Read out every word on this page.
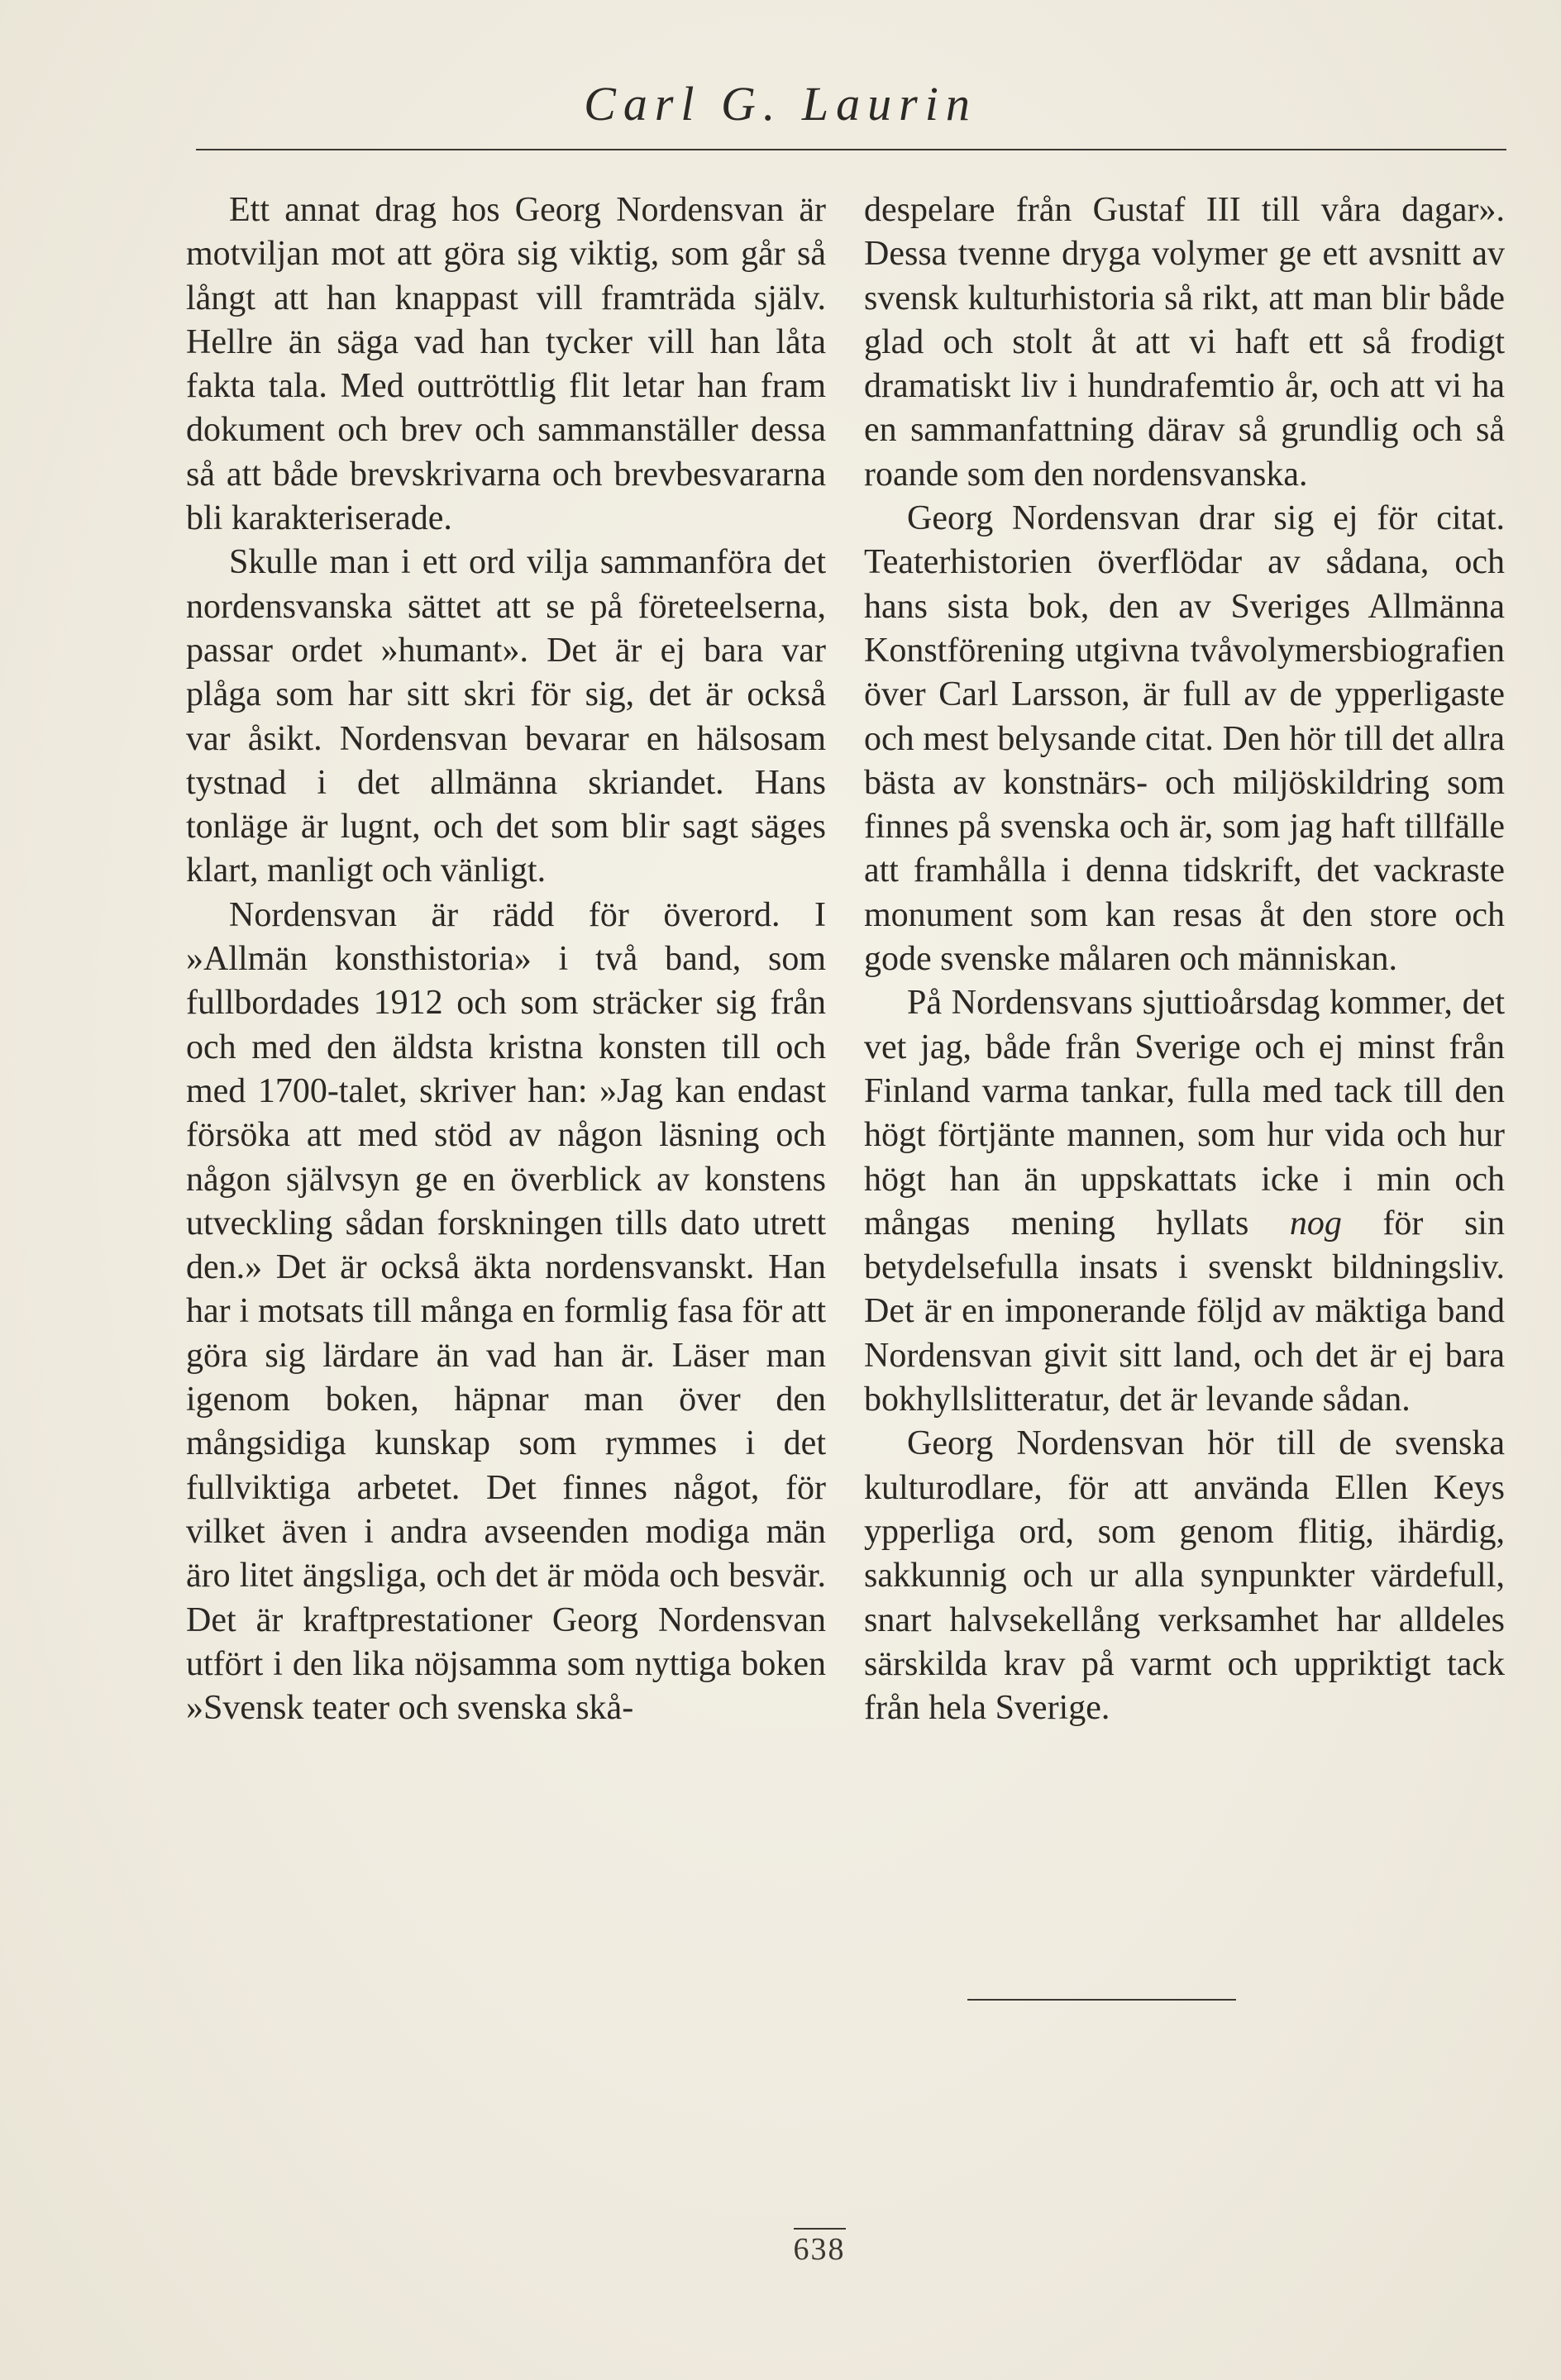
Carl G. Laurin

Ett annat drag hos Georg Nordensvan är motviljan mot att göra sig viktig, som går så långt att han knappast vill framträda själv. Hellre än säga vad han tycker vill han låta fakta tala. Med outtröttlig flit letar han fram dokument och brev och sammanställer dessa så att både brevskrivarna och brevbesvararna bli karakteriserade.

Skulle man i ett ord vilja sammanföra det nordensvanska sättet att se på företeelserna, passar ordet »humant». Det är ej bara var plåga som har sitt skri för sig, det är också var åsikt. Nordensvan bevarar en hälsosam tystnad i det allmänna skriandet. Hans tonläge är lugnt, och det som blir sagt säges klart, manligt och vänligt.

Nordensvan är rädd för överord. I »Allmän konsthistoria» i två band, som fullbordades 1912 och som sträcker sig från och med den äldsta kristna konsten till och med 1700-talet, skriver han: »Jag kan endast försöka att med stöd av någon läsning och någon självsyn ge en överblick av konstens utveckling sådan forskningen tills dato utrett den.» Det är också äkta nordensvanskt. Han har i motsats till många en formlig fasa för att göra sig lärdare än vad han är. Läser man igenom boken, häpnar man över den mångsidiga kunskap som rymmes i det fullviktiga arbetet. Det finnes något, för vilket även i andra avseenden modiga män äro litet ängsliga, och det är möda och besvär. Det är kraftprestationer Georg Nordensvan utfört i den lika nöjsamma som nyttiga boken »Svensk teater och svenska skå-

despelare från Gustaf III till våra dagar». Dessa tvenne dryga volymer ge ett avsnitt av svensk kulturhistoria så rikt, att man blir både glad och stolt åt att vi haft ett så frodigt dramatiskt liv i hundrafemtio år, och att vi ha en sammanfattning därav så grundlig och så roande som den nordensvanska.

Georg Nordensvan drar sig ej för citat. Teaterhistorien överflödar av sådana, och hans sista bok, den av Sveriges Allmänna Konstförening utgivna tvåvolymersbiografien över Carl Larsson, är full av de ypperligaste och mest belysande citat. Den hör till det allra bästa av konstnärs- och miljöskildring som finnes på svenska och är, som jag haft tillfälle att framhålla i denna tidskrift, det vackraste monument som kan resas åt den store och gode svenske målaren och människan.

På Nordensvans sjuttioårsdag kommer, det vet jag, både från Sverige och ej minst från Finland varma tankar, fulla med tack till den högt förtjänte mannen, som hur vida och hur högt han än uppskattats icke i min och mångas mening hyllats nog för sin betydelsefulla insats i svenskt bildningsliv. Det är en imponerande följd av mäktiga band Nordensvan givit sitt land, och det är ej bara bokhyllslitteratur, det är levande sådan.

Georg Nordensvan hör till de svenska kulturodlare, för att använda Ellen Keys ypperliga ord, som genom flitig, ihärdig, sakkunnig och ur alla synpunkter värdefull, snart halvsekellång verksamhet har alldeles särskilda krav på varmt och uppriktigt tack från hela Sverige.

638
